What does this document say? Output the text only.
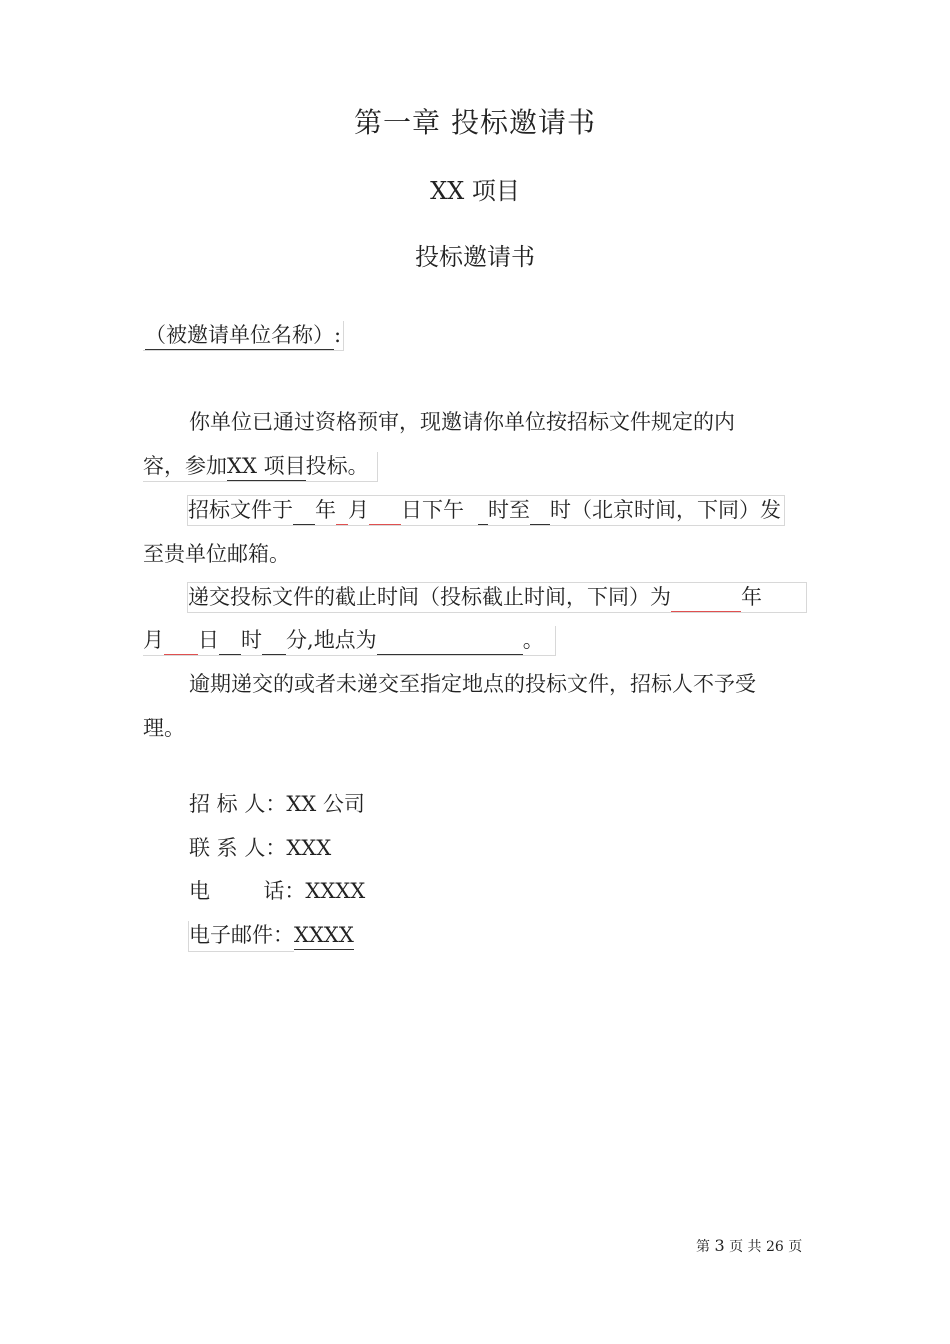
第一章 投标邀请书
XX 项目
投标邀请书
（被邀请单位名称）:
你单位已通过资格预审，现邀请你单位按招标文件规定的内
容，参加XX 项目投标。
招标文件于 年 月 日下午 时至 时（北京时间，下同）发
至贵单位邮箱。
递交投标文件的截止时间（投标截止时间，下同）为	年
月 日 时 分,地点为	。
逾期递交的或者未递交至指定地点的投标文件，招标人不予受
理。
招 标 人：XX 公司
联 系 人：XXX
电        话：XXXX
电子邮件：XXXX
第 3 页 共 26 页
